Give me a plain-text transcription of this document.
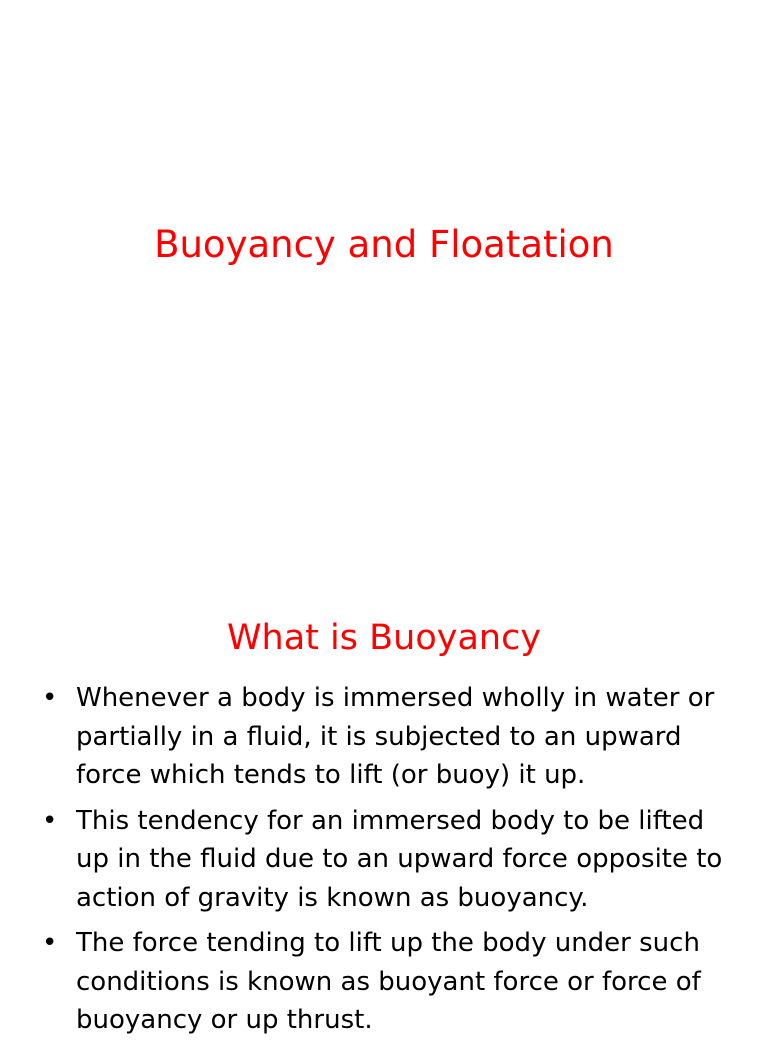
Buoyancy and Floatation
What is Buoyancy
• Whenever a body is immersed wholly in water or partially in a fluid, it is subjected to an upward force which tends to lift (or buoy) it up.
• This tendency for an immersed body to be lifted up in the fluid due to an upward force opposite to action of gravity is known as buoyancy.
• The force tending to lift up the body under such conditions is known as buoyant force or force of buoyancy or up thrust.
